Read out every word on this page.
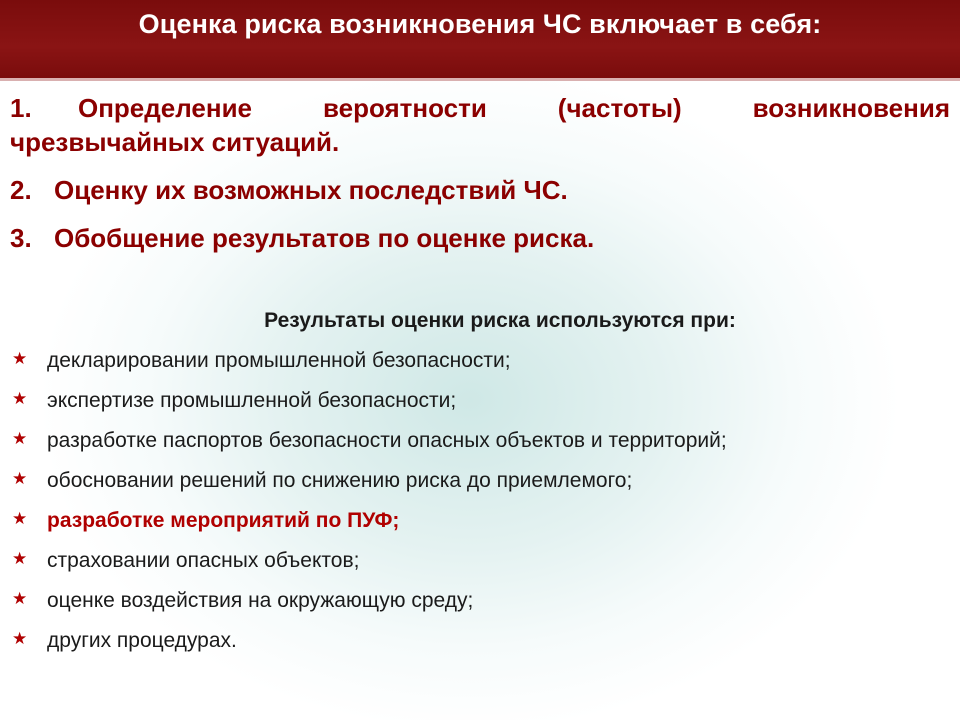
Оценка риска возникновения ЧС включает в себя:

1. Определение вероятности (частоты) возникновения чрезвычайных ситуаций.

2. Оценку их возможных последствий ЧС.

3. Обобщение результатов по оценке риска.

Результаты оценки риска используются при:
★ декларировании промышленной безопасности;
★ экспертизе промышленной безопасности;
★ разработке паспортов безопасности опасных объектов и территорий;
★ обосновании решений по снижению риска до приемлемого;
★ разработке мероприятий по ПУФ;
★ страховании опасных объектов;
★ оценке воздействия на окружающую среду;
★ других процедурах.
